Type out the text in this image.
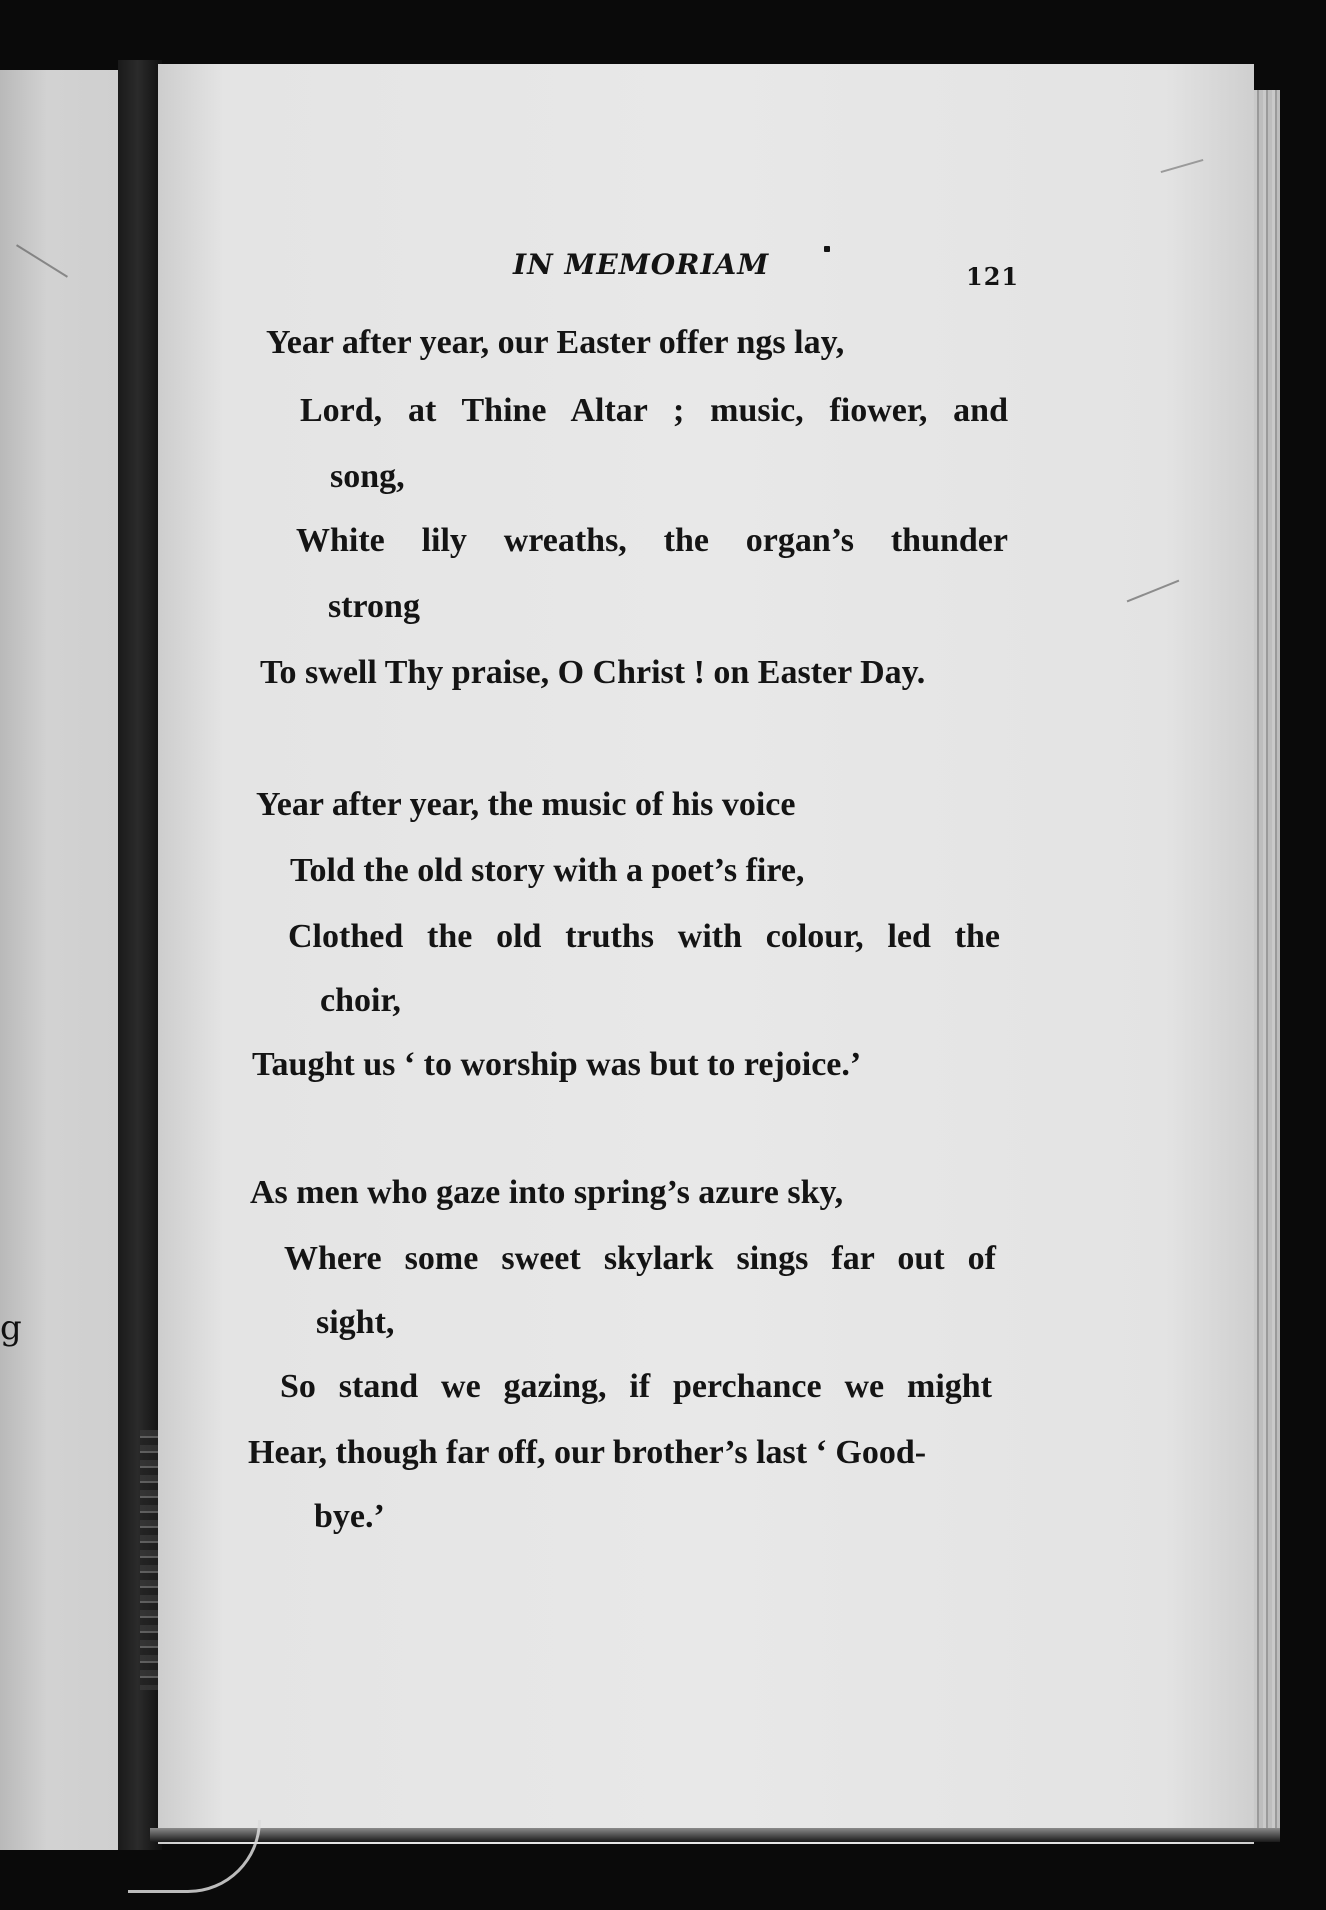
g
IN MEMORIAM	121
Year after year, our Easter offer ngs lay,
Lord, at Thine Altar ; music, fiower, and
song,
White lily wreaths, the organ’s thunder
strong
To swell Thy praise, O Christ ! on Easter Day.
Year after year, the music of his voice
Told the old story with a poet’s fire,
Clothed the old truths with colour, led the
choir,
Taught us ‘ to worship was but to rejoice.’
As men who gaze into spring’s azure sky,
Where some sweet skylark sings far out of
sight,
So stand we gazing, if perchance we might
Hear, though far off, our brother’s last ‘ Good-
bye.’
